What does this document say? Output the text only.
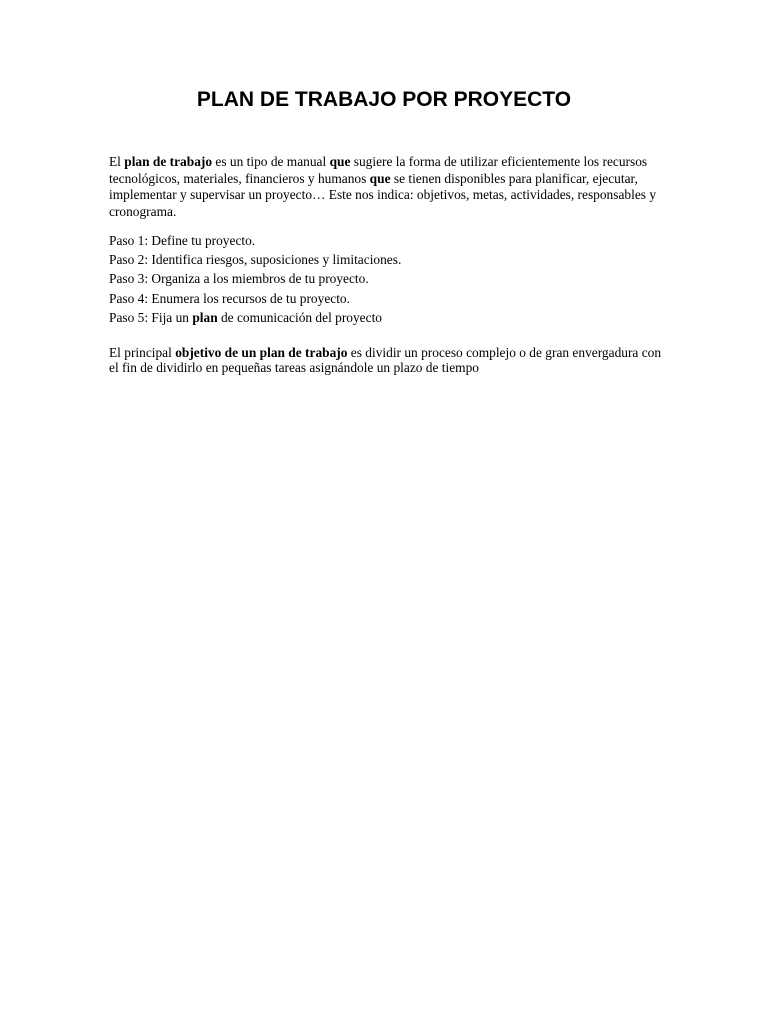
PLAN DE TRABAJO POR PROYECTO

El plan de trabajo es un tipo de manual que sugiere la forma de utilizar eficientemente los recursos tecnológicos, materiales, financieros y humanos que se tienen disponibles para planificar, ejecutar, implementar y supervisar un proyecto… Este nos indica: objetivos, metas, actividades, responsables y cronograma.

Paso 1: Define tu proyecto.
Paso 2: Identifica riesgos, suposiciones y limitaciones.
Paso 3: Organiza a los miembros de tu proyecto.
Paso 4: Enumera los recursos de tu proyecto.
Paso 5: Fija un plan de comunicación del proyecto

El principal objetivo de un plan de trabajo es dividir un proceso complejo o de gran envergadura con el fin de dividirlo en pequeñas tareas asignándole un plazo de tiempo
